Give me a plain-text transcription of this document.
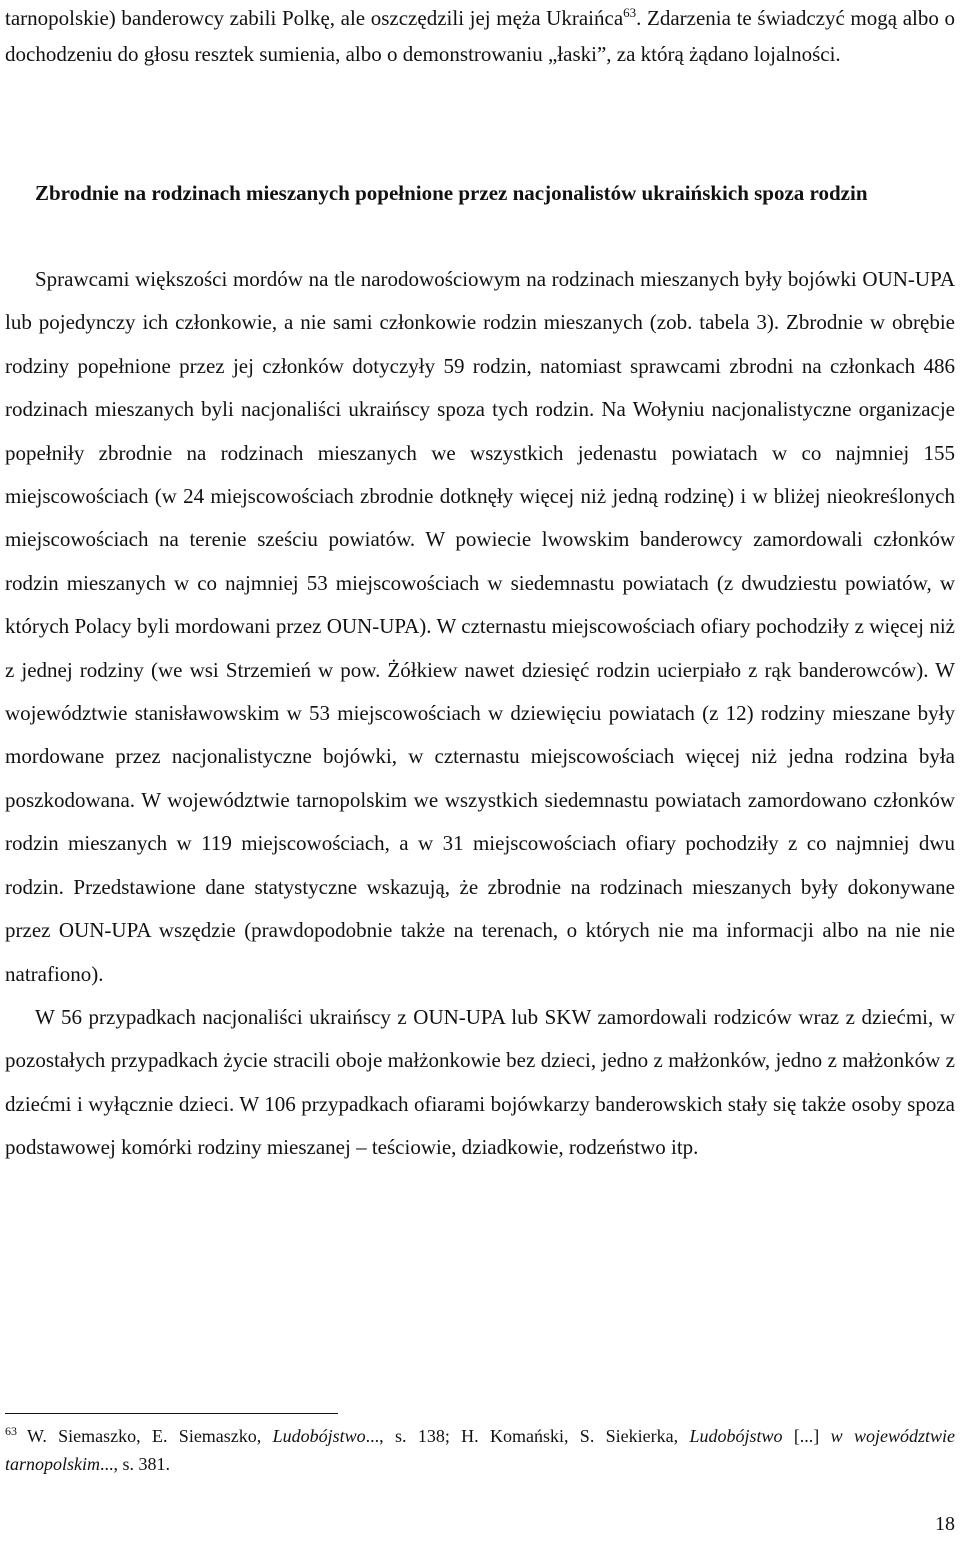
tarnopolskie) banderowcy zabili Polkę, ale oszczędzili jej męża Ukraińca$^{63}$. Zdarzenia te świadczyć mogą albo o dochodzeniu do głosu resztek sumienia, albo o demonstrowaniu „łaski”, za którą żądano lojalności.

Zbrodnie na rodzinach mieszanych popełnione przez nacjonalistów ukraińskich spoza rodzin

Sprawcami większości mordów na tle narodowościowym na rodzinach mieszanych były bojówki OUN-UPA lub pojedynczy ich członkowie, a nie sami członkowie rodzin mieszanych (zob. tabela 3). Zbrodnie w obrębie rodziny popełnione przez jej członków dotyczyły 59 rodzin, natomiast sprawcami zbrodni na członkach 486 rodzinach mieszanych byli nacjonaliści ukraińscy spoza tych rodzin. Na Wołyniu nacjonalistyczne organizacje popełniły zbrodnie na rodzinach mieszanych we wszystkich jedenastu powiatach w co najmniej 155 miejscowościach (w 24 miejscowościach zbrodnie dotknęły więcej niż jedną rodzinę) i w bliżej nieokreślonych miejscowościach na terenie sześciu powiatów. W powiecie lwowskim banderowcy zamordowali członków rodzin mieszanych w co najmniej 53 miejscowościach w siedemnastu powiatach (z dwudziestu powiatów, w których Polacy byli mordowani przez OUN-UPA). W czternastu miejscowościach ofiary pochodziły z więcej niż z jednej rodziny (we wsi Strzemień w pow. Żółkiew nawet dziesięć rodzin ucierpiało z rąk banderowców). W województwie stanisławowskim w 53 miejscowościach w dziewięciu powiatach (z 12) rodziny mieszane były mordowane przez nacjonalistyczne bojówki, w czternastu miejscowościach więcej niż jedna rodzina była poszkodowana. W województwie tarnopolskim we wszystkich siedemnastu powiatach zamordowano członków rodzin mieszanych w 119 miejscowościach, a w 31 miejscowościach ofiary pochodziły z co najmniej dwu rodzin. Przedstawione dane statystyczne wskazują, że zbrodnie na rodzinach mieszanych były dokonywane przez OUN-UPA wszędzie (prawdopodobnie także na terenach, o których nie ma informacji albo na nie nie natrafiono).

W 56 przypadkach nacjonaliści ukraińscy z OUN-UPA lub SKW zamordowali rodziców wraz z dziećmi, w pozostałych przypadkach życie stracili oboje małżonkowie bez dzieci, jedno z małżonków, jedno z małżonków z dziećmi i wyłącznie dzieci. W 106 przypadkach ofiarami bojówkarzy banderowskich stały się także osoby spoza podstawowej komórki rodziny mieszanej – teściowie, dziadkowie, rodzeństwo itp.

$^{63}$ W. Siemaszko, E. Siemaszko, Ludobójstwo..., s. 138; H. Komański, S. Siekierka, Ludobójstwo [...] w województwie tarnopolskim..., s. 381.

18
